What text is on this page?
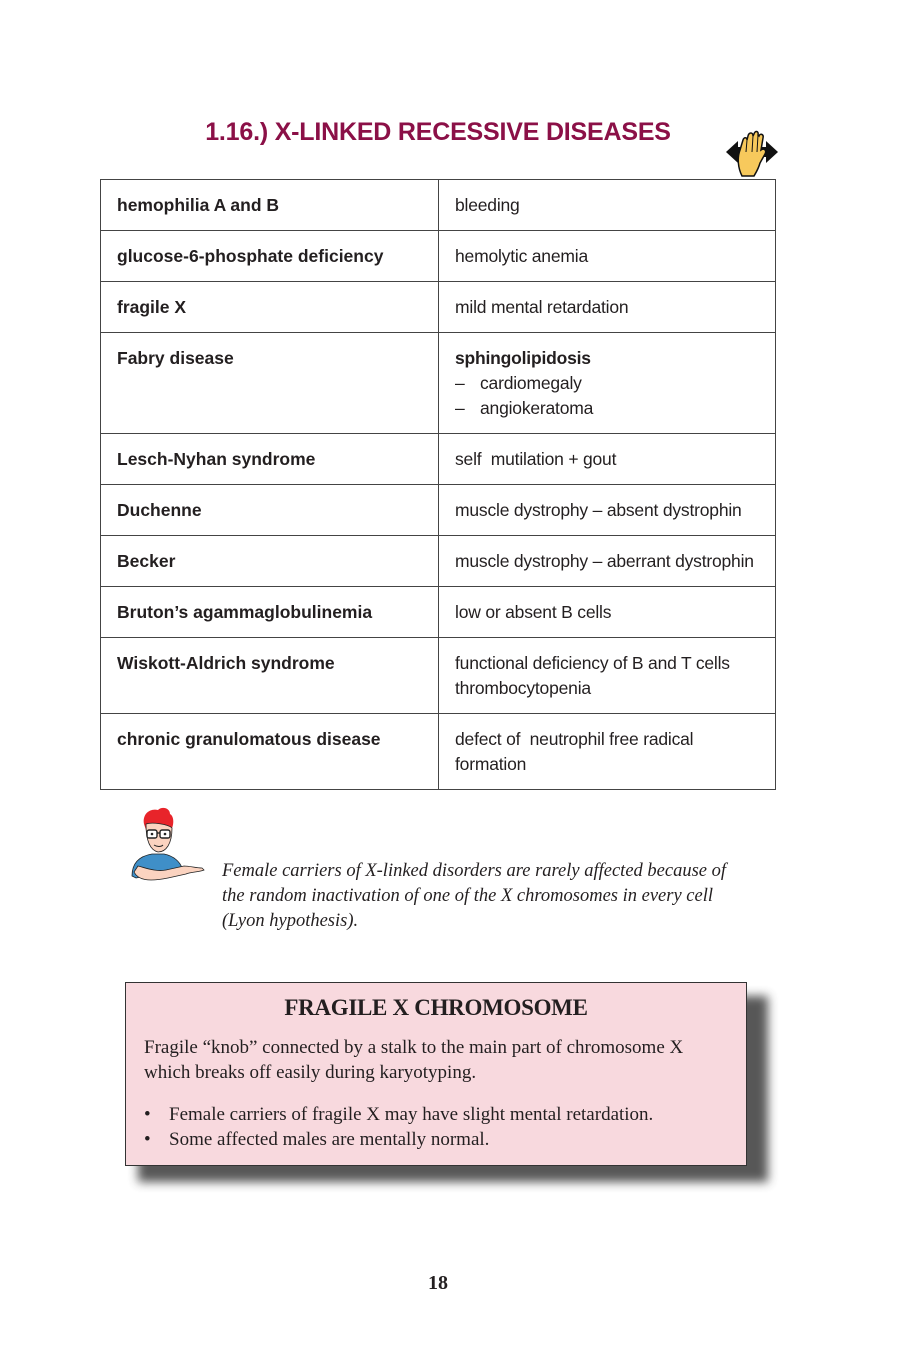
1.16.) X-LINKED RECESSIVE DISEASES
hemophilia A and B	bleeding
glucose-6-phosphate deficiency	hemolytic anemia
fragile X	mild mental retardation
Fabry disease	sphingolipidosis
– cardiomegaly
– angiokeratoma

Lesch-Nyhan syndrome	self  mutilation + gout
Duchenne	muscle dystrophy – absent dystrophin
Becker	muscle dystrophy – aberrant dystrophin
Bruton’s agammaglobulinemia	low or absent B cells
Wiskott-Aldrich syndrome	functional deficiency of B and T cells
thrombocytopenia

chronic granulomatous disease	defect of  neutrophil free radical
formation
Female carriers of X-linked disorders are rarely affected because of the random inactivation of one of the X chromosomes in every cell (Lyon hypothesis).
FRAGILE X CHROMOSOME
Fragile “knob” connected by a stalk to the main part of chromosome X which breaks off easily during karyotyping.
• Female carriers of fragile X may have slight mental retardation.
• Some affected males are mentally normal.
18
